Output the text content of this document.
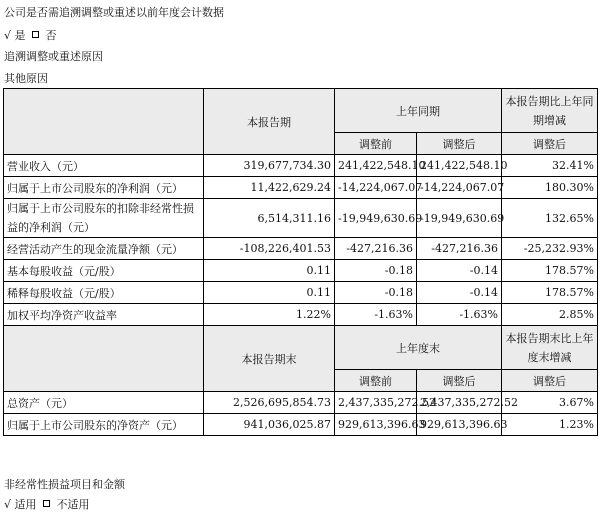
公司是否需追溯调整或重述以前年度会计数据
√ 是 否
追溯调整或重述原因
其他原因
	本报告期	上年同期		本报告期比上年同期增减
		调整前	调整后	调整后
营业收入（元）	319,677,734.30	241,422,548.10	241,422,548.10	32.41%
归属于上市公司股东的净利润（元）	11,422,629.24	-14,224,067.07	-14,224,067.07	180.30%
归属于上市公司股东的扣除非经常性损益的净利润（元）	6,514,311.16	-19,949,630.69	-19,949,630.69	132.65%
经营活动产生的现金流量净额（元）	-108,226,401.53	-427,216.36	-427,216.36	-25,232.93%
基本每股收益（元/股）	0.11	-0.18	-0.14	178.57%
稀释每股收益（元/股）	0.11	-0.18	-0.14	178.57%
加权平均净资产收益率	1.22%	-1.63%	-1.63%	2.85%
	本报告期末	上年度末		本报告期末比上年度末增减
		调整前	调整后	调整后
总资产（元）	2,526,695,854.73	2,437,335,272.52	2,437,335,272.52	3.67%
归属于上市公司股东的净资产（元）	941,036,025.87	929,613,396.63	929,613,396.63	1.23%
非经常性损益项目和金额
√ 适用 不适用
